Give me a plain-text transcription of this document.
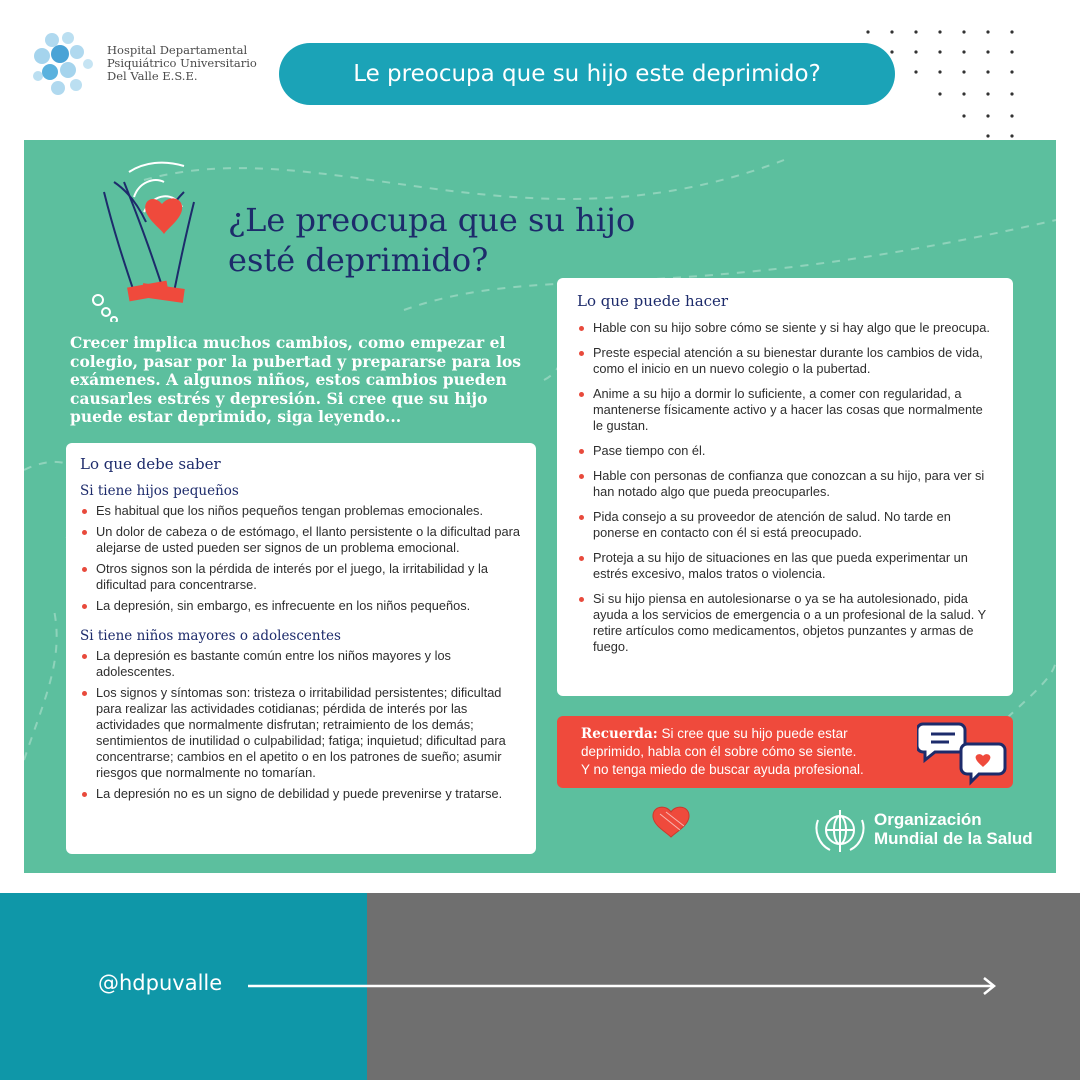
Hospital Departamental
Psiquiátrico Universitario
Del Valle E.S.E.	Le preocupa que su hijo este deprimido?
¿Le preocupa que su hijo
esté deprimido?

Crecer implica muchos cambios, como empezar el colegio, pasar por la pubertad y prepararse para los exámenes. A algunos niños, estos cambios pueden causarles estrés y depresión. Si cree que su hijo puede estar deprimido, siga leyendo...

Lo que debe saber
Si tiene hijos pequeños
Es habitual que los niños pequeños tengan problemas emocionales.
Un dolor de cabeza o de estómago, el llanto persistente o la dificultad para alejarse de usted pueden ser signos de un problema emocional.
Otros signos son la pérdida de interés por el juego, la irritabilidad y la dificultad para concentrarse.
La depresión, sin embargo, es infrecuente en los niños pequeños.
Si tiene niños mayores o adolescentes
La depresión es bastante común entre los niños mayores y los adolescentes.
Los signos y síntomas son: tristeza o irritabilidad persistentes; dificultad para realizar las actividades cotidianas; pérdida de interés por las actividades que normalmente disfrutan; retraimiento de los demás; sentimientos de inutilidad o culpabilidad; fatiga; inquietud; dificultad para concentrarse; cambios en el apetito o en los patrones de sueño; asumir riesgos que normalmente no tomarían.
La depresión no es un signo de debilidad y puede prevenirse y tratarse.
Lo que puede hacer
Hable con su hijo sobre cómo se siente y si hay algo que le preocupa.
Preste especial atención a su bienestar durante los cambios de vida, como el inicio en un nuevo colegio o la pubertad.
Anime a su hijo a dormir lo suficiente, a comer con regularidad, a mantenerse físicamente activo y a hacer las cosas que normalmente le gustan.
Pase tiempo con él.
Hable con personas de confianza que conozcan a su hijo, para ver si han notado algo que pueda preocuparles.
Pida consejo a su proveedor de atención de salud. No tarde en ponerse en contacto con él si está preocupado.
Proteja a su hijo de situaciones en las que pueda experimentar un estrés excesivo, malos tratos o violencia.
Si su hijo piensa en autolesionarse o ya se ha autolesionado, pida ayuda a los servicios de emergencia o a un profesional de la salud. Y retire artículos como medicamentos, objetos punzantes y armas de fuego.
Recuerda: Si cree que su hijo puede estar
deprimido, habla con él sobre cómo se siente.
Y no tenga miedo de buscar ayuda profesional.
Organización
Mundial de la Salud
@hdpuvalle
